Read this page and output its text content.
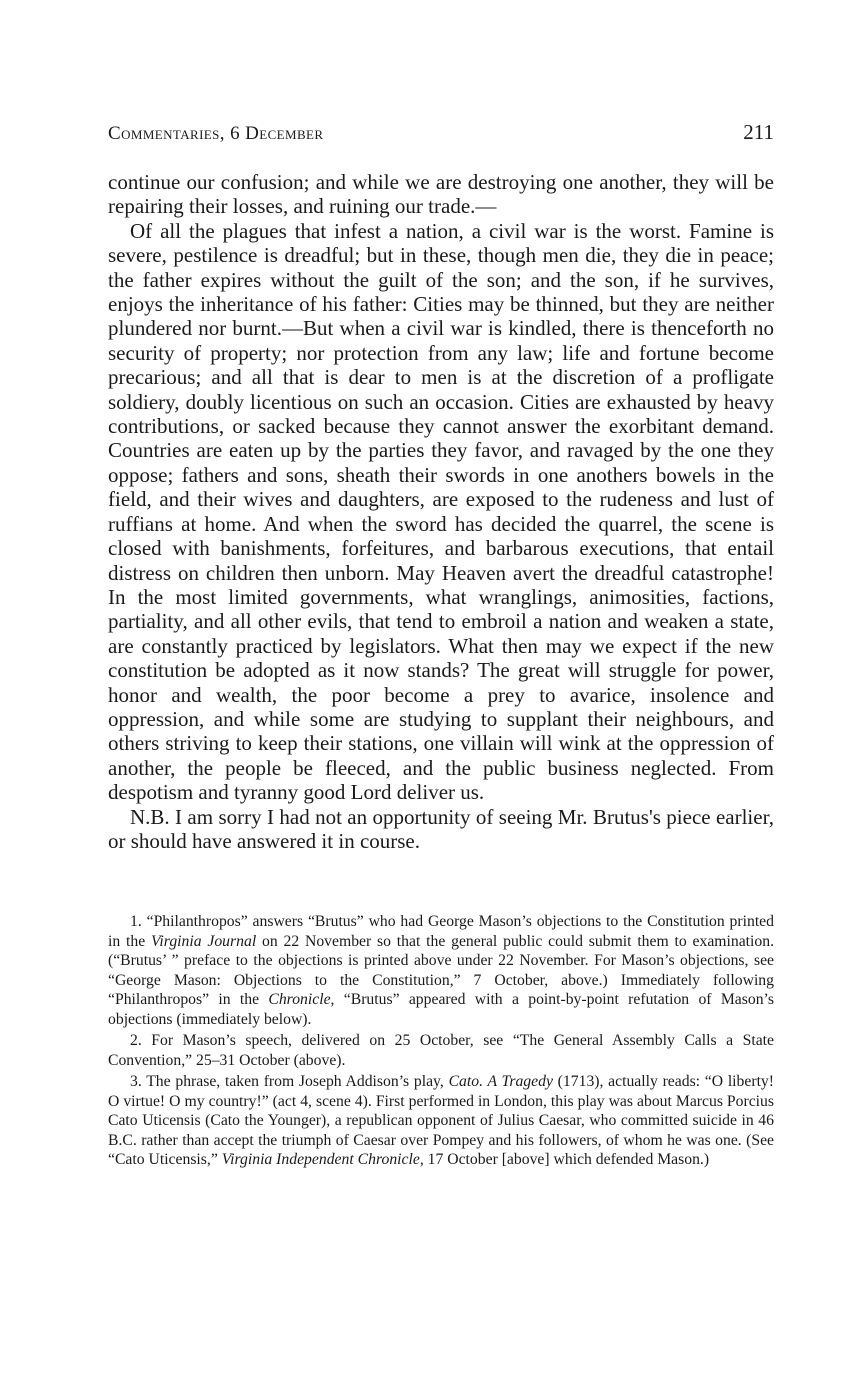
Commentaries, 6 December	211

continue our confusion; and while we are destroying one another, they will be repairing their losses, and ruining our trade.—

Of all the plagues that infest a nation, a civil war is the worst. Famine is severe, pestilence is dreadful; but in these, though men die, they die in peace; the father expires without the guilt of the son; and the son, if he survives, enjoys the inheritance of his father: Cities may be thinned, but they are neither plundered nor burnt.—But when a civil war is kindled, there is thenceforth no security of property; nor protection from any law; life and fortune become precarious; and all that is dear to men is at the discretion of a profligate soldiery, doubly licentious on such an occasion. Cities are exhausted by heavy contributions, or sacked because they cannot answer the exorbitant demand. Countries are eaten up by the parties they favor, and ravaged by the one they oppose; fathers and sons, sheath their swords in one anothers bowels in the field, and their wives and daughters, are exposed to the rudeness and lust of ruffians at home. And when the sword has decided the quarrel, the scene is closed with banishments, forfeitures, and barbarous executions, that entail distress on children then unborn. May Heaven avert the dreadful catastrophe! In the most limited governments, what wranglings, animosities, factions, partiality, and all other evils, that tend to embroil a nation and weaken a state, are constantly practiced by legislators. What then may we expect if the new constitution be adopted as it now stands? The great will struggle for power, honor and wealth, the poor become a prey to avarice, insolence and oppression, and while some are studying to supplant their neighbours, and others striving to keep their stations, one villain will wink at the oppression of another, the people be fleeced, and the public business neglected. From despotism and tyranny good Lord deliver us.

N.B. I am sorry I had not an opportunity of seeing Mr. Brutus's piece earlier, or should have answered it in course.

1. “Philanthropos” answers “Brutus” who had George Mason’s objections to the Constitution printed in the Virginia Journal on 22 November so that the general public could submit them to examination. (“Brutus’ ” preface to the objections is printed above under 22 November. For Mason’s objections, see “George Mason: Objections to the Constitution,” 7 October, above.) Immediately following “Philanthropos” in the Chronicle, “Brutus” appeared with a point-by-point refutation of Mason’s objections (immediately below).

2. For Mason’s speech, delivered on 25 October, see “The General Assembly Calls a State Convention,” 25–31 October (above).

3. The phrase, taken from Joseph Addison’s play, Cato. A Tragedy (1713), actually reads: “O liberty! O virtue! O my country!” (act 4, scene 4). First performed in London, this play was about Marcus Porcius Cato Uticensis (Cato the Younger), a republican opponent of Julius Caesar, who committed suicide in 46 B.C. rather than accept the triumph of Caesar over Pompey and his followers, of whom he was one. (See “Cato Uticensis,” Virginia Independent Chronicle, 17 October [above] which defended Mason.)
